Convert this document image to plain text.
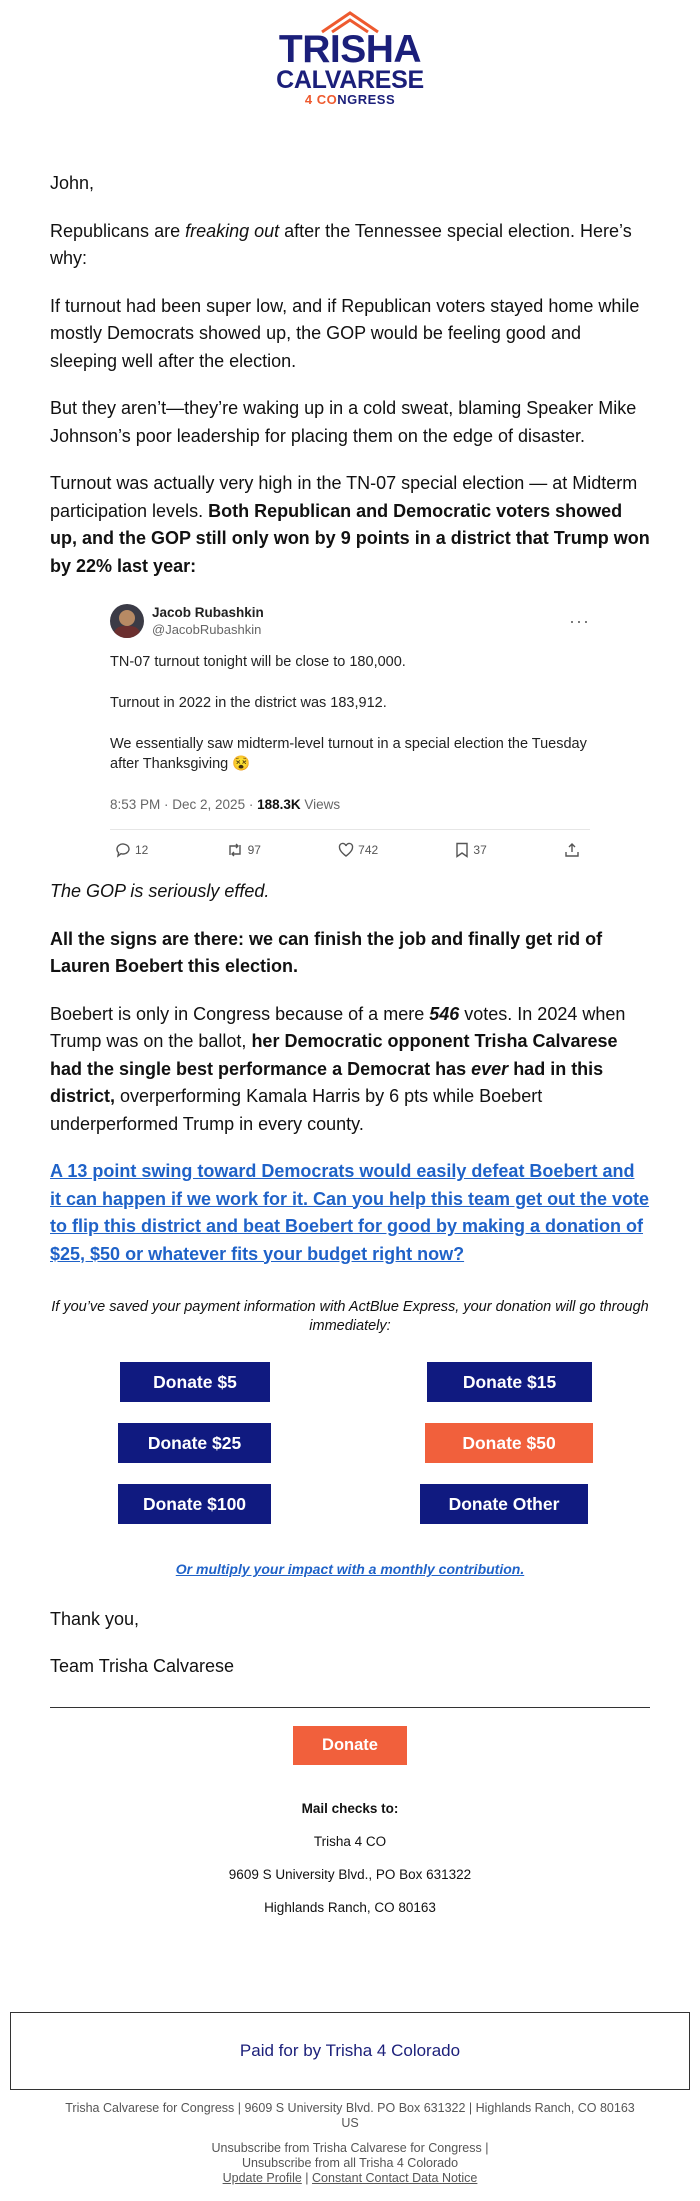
TRISHA
CALVARESE
4 CONGRESS

John,

Republicans are freaking out after the Tennessee special election. Here’s why:

If turnout had been super low, and if Republican voters stayed home while mostly Democrats showed up, the GOP would be feeling good and sleeping well after the election.

But they aren’t—they’re waking up in a cold sweat, blaming Speaker Mike Johnson’s poor leadership for placing them on the edge of disaster.

Turnout was actually very high in the TN-07 special election — at Midterm participation levels. Both Republican and Democratic voters showed up, and the GOP still only won by 9 points in a district that Trump won by 22% last year:

Jacob Rubashkin
@JacobRubashkin	···
TN-07 turnout tonight will be close to 180,000.
Turnout in 2022 in the district was 183,912.
We essentially saw midterm-level turnout in a special election the Tuesday after Thanksgiving 😵
8:53 PM · Dec 2, 2025 · 188.3K Views
12	97	742	37

The GOP is seriously effed.

All the signs are there: we can finish the job and finally get rid of Lauren Boebert this election.

Boebert is only in Congress because of a mere 546 votes. In 2024 when Trump was on the ballot, her Democratic opponent Trisha Calvarese had the single best performance a Democrat has ever had in this district, overperforming Kamala Harris by 6 pts while Boebert underperformed Trump in every county.

A 13 point swing toward Democrats would easily defeat Boebert and it can happen if we work for it. Can you help this team get out the vote to flip this district and beat Boebert for good by making a donation of $25, $50 or whatever fits your budget right now?

If you’ve saved your payment information with ActBlue Express, your donation will go through immediately:
Donate $5	Donate $15
Donate $25	Donate $50
Donate $100	Donate Other

Or multiply your impact with a monthly contribution.

Thank you,

Team Trisha Calvarese

Donate
Mail checks to:
Trisha 4 CO
9609 S University Blvd., PO Box 631322
Highlands Ranch, CO 80163
Paid for by Trisha 4 Colorado
Trisha Calvarese for Congress | 9609 S University Blvd. PO Box 631322 | Highlands Ranch, CO 80163 US
Unsubscribe from Trisha Calvarese for Congress |
Unsubscribe from all Trisha 4 Colorado
Update Profile | Constant Contact Data Notice
